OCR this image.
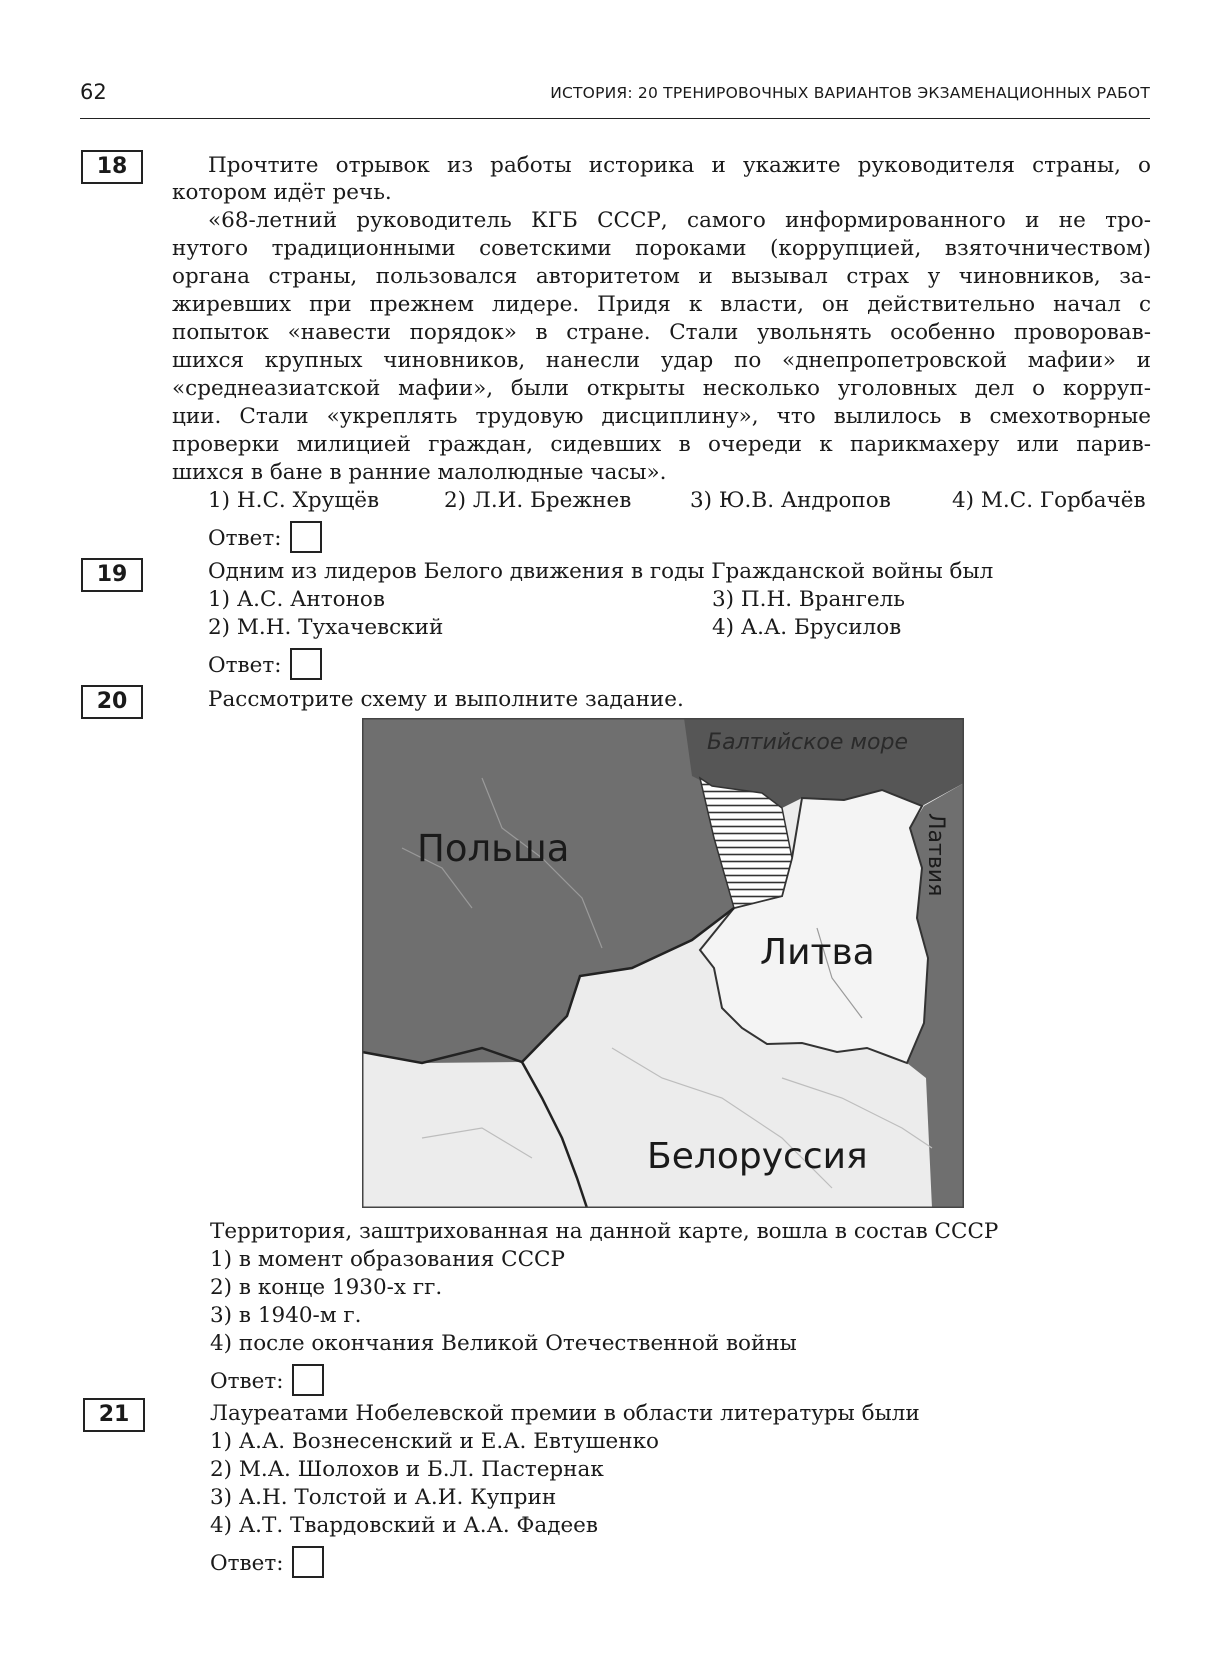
62	ИСТОРИЯ: 20 ТРЕНИРОВОЧНЫХ ВАРИАНТОВ ЭКЗАМЕНАЦИОННЫХ РАБОТ
18	Прочтите отрывок из работы историка и укажите руководителя страны, о
котором идёт речь.
«68-летний руководитель КГБ СССР, самого информированного и не тро-
нутого традиционными советскими пороками (коррупцией, взяточничеством)
органа страны, пользовался авторитетом и вызывал страх у чиновников, за-
жиревших при прежнем лидере. Придя к власти, он действительно начал с
попыток «навести порядок» в стране. Стали увольнять особенно проворовав-
шихся крупных чиновников, нанесли удар по «днепропетровской мафии» и
«среднеазиатской мафии», были открыты несколько уголовных дел о корруп-
ции. Стали «укреплять трудовую дисциплину», что вылилось в смехотворные
проверки милицией граждан, сидевших в очереди к парикмахеру или парив-
шихся в бане в ранние малолюдные часы».
1) Н.С. Хрущёв	2) Л.И. Брежнев	3) Ю.В. Андропов	4) М.С. Горбачёв
Ответ:
19	Одним из лидеров Белого движения в годы Гражданской войны был
1) А.С. Антонов
2) М.Н. Тухачевский
3) П.Н. Врангель
4) А.А. Брусилов
Ответ:
20	Рассмотрите схему и выполните задание.
Балтийское море
Польша
Литва
Латвия
Белоруссия
Территория, заштрихованная на данной карте, вошла в состав СССР
1) в момент образования СССР
2) в конце 1930-х гг.
3) в 1940-м г.
4) после окончания Великой Отечественной войны
Ответ:
21	Лауреатами Нобелевской премии в области литературы были
1) А.А. Вознесенский и Е.А. Евтушенко
2) М.А. Шолохов и Б.Л. Пастернак
3) А.Н. Толстой и А.И. Куприн
4) А.Т. Твардовский и А.А. Фадеев
Ответ:
